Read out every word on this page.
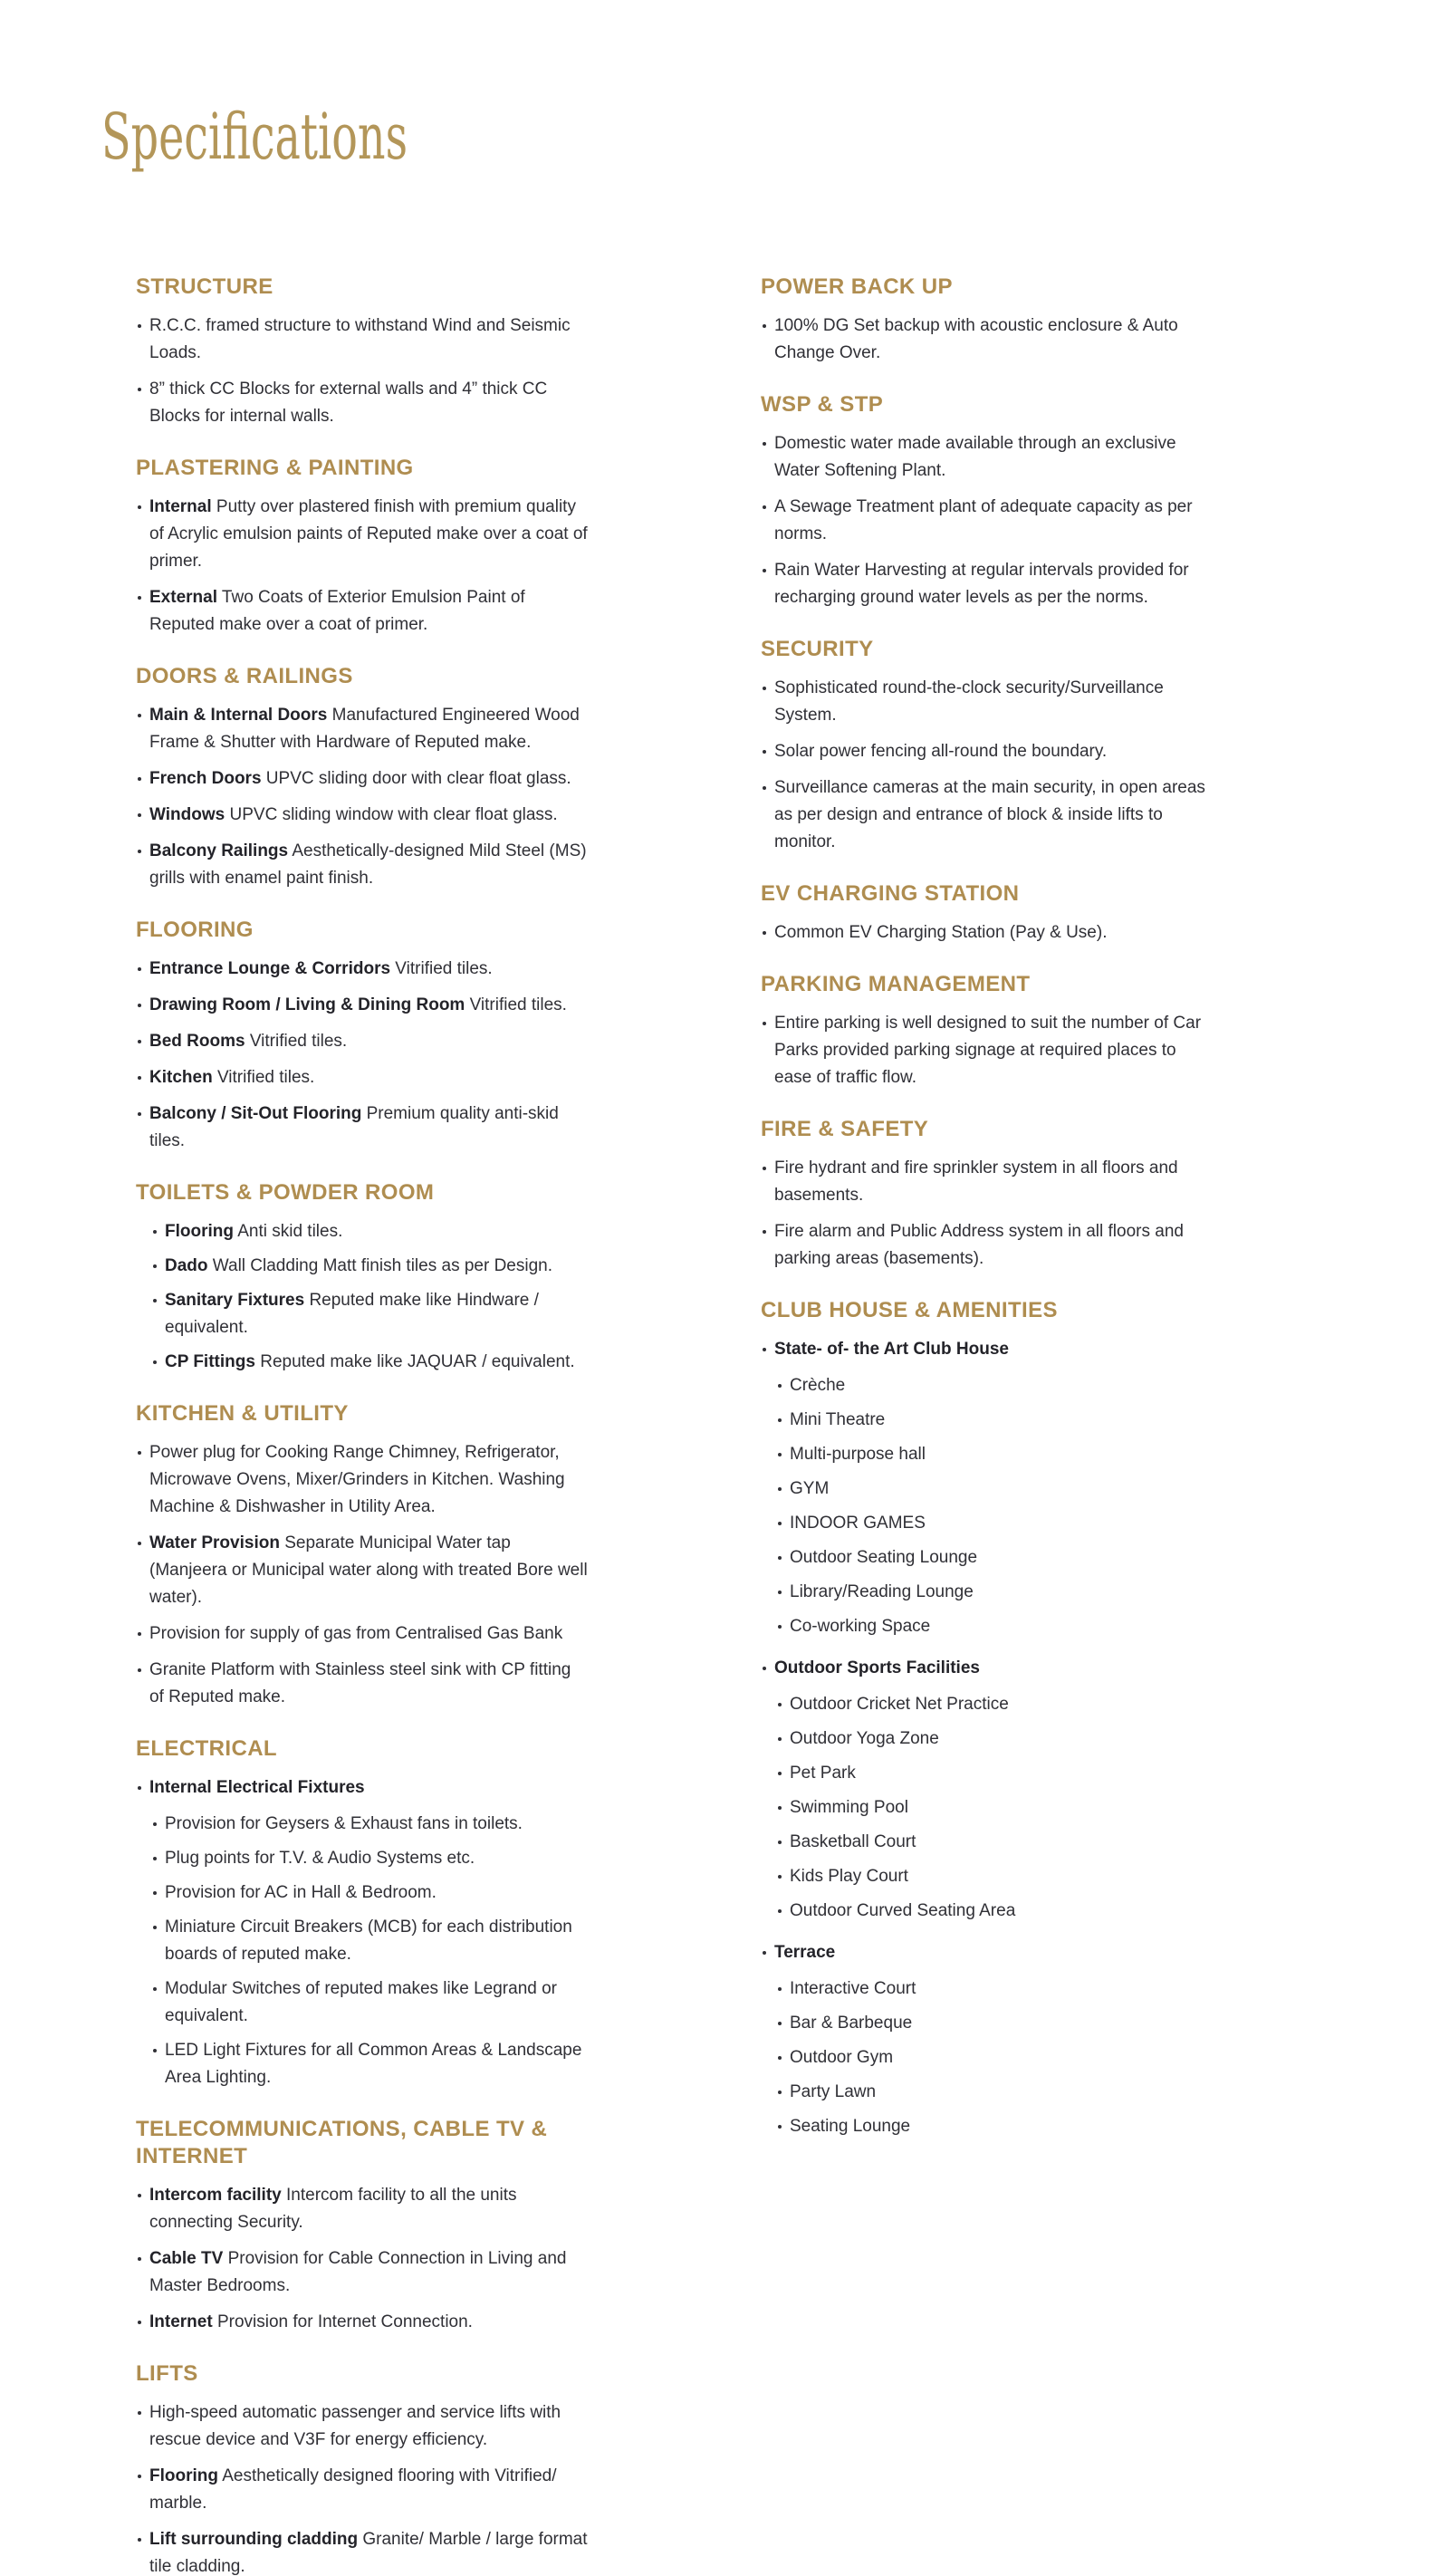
Specifications
STRUCTURE
R.C.C. framed structure to withstand Wind and Seismic Loads.
8” thick CC Blocks for external walls and 4” thick CC Blocks for internal walls.
PLASTERING & PAINTING
Internal Putty over plastered finish with premium quality of Acrylic emulsion paints of Reputed make over a coat of primer.
External Two Coats of Exterior Emulsion Paint of Reputed make over a coat of primer.
DOORS & RAILINGS
Main & Internal Doors Manufactured Engineered Wood Frame & Shutter with Hardware of Reputed make.
French Doors UPVC sliding door with clear float glass.
Windows UPVC sliding window with clear float glass.
Balcony Railings Aesthetically-designed Mild Steel (MS) grills with enamel paint finish.
FLOORING
Entrance Lounge & Corridors Vitrified tiles.
Drawing Room / Living & Dining Room Vitrified tiles.
Bed Rooms Vitrified tiles.
Kitchen Vitrified tiles.
Balcony / Sit-Out Flooring Premium quality anti-skid tiles.
TOILETS & POWDER ROOM
Flooring Anti skid tiles.
Dado Wall Cladding Matt finish tiles as per Design.
Sanitary Fixtures Reputed make like Hindware / equivalent.
CP Fittings Reputed make like JAQUAR / equivalent.
KITCHEN & UTILITY
Power plug for Cooking Range Chimney, Refrigerator, Microwave Ovens, Mixer/Grinders in Kitchen. Washing Machine & Dishwasher in Utility Area.
Water Provision Separate Municipal Water tap (Manjeera or Municipal water along with treated Bore well water).
Provision for supply of gas from Centralised Gas Bank
Granite Platform with Stainless steel sink with CP fitting of Reputed make.
ELECTRICAL
Internal Electrical Fixtures
Provision for Geysers & Exhaust fans in toilets.
Plug points for T.V. & Audio Systems etc.
Provision for AC in Hall & Bedroom.
Miniature Circuit Breakers (MCB) for each distribution boards of reputed make.
Modular Switches of reputed makes like Legrand or equivalent.
LED Light Fixtures for all Common Areas & Landscape Area Lighting.
TELECOMMUNICATIONS, CABLE TV & INTERNET
Intercom facility Intercom facility to all the units connecting Security.
Cable TV Provision for Cable Connection in Living and Master Bedrooms.
Internet Provision for Internet Connection.
LIFTS
High-speed automatic passenger and service lifts with rescue device and V3F for energy efficiency.
Flooring Aesthetically designed flooring with Vitrified/ marble.
Lift surrounding cladding Granite/ Marble / large format tile cladding.
POWER BACK UP
100% DG Set backup with acoustic enclosure & Auto Change Over.
WSP & STP
Domestic water made available through an exclusive Water Softening Plant.
A Sewage Treatment plant of adequate capacity as per norms.
Rain Water Harvesting at regular intervals provided for recharging ground water levels as per the norms.
SECURITY
Sophisticated round-the-clock security/Surveillance System.
Solar power fencing all-round the boundary.
Surveillance cameras at the main security, in open areas as per design and entrance of block & inside lifts to monitor.
EV CHARGING STATION
Common EV Charging Station (Pay & Use).
PARKING MANAGEMENT
Entire parking is well designed to suit the number of Car Parks provided parking signage at required places to ease of traffic flow.
FIRE & SAFETY
Fire hydrant and fire sprinkler system in all floors and basements.
Fire alarm and Public Address system in all floors and parking areas (basements).
CLUB HOUSE & AMENITIES
State- of- the Art Club House
Crèche
Mini Theatre
Multi-purpose hall
GYM
INDOOR GAMES
Outdoor Seating Lounge
Library/Reading Lounge
Co-working Space
Outdoor Sports Facilities
Outdoor Cricket Net Practice
Outdoor Yoga Zone
Pet Park
Swimming Pool
Basketball Court
Kids Play Court
Outdoor Curved Seating Area
Terrace
Interactive Court
Bar & Barbeque
Outdoor Gym
Party Lawn
Seating Lounge
